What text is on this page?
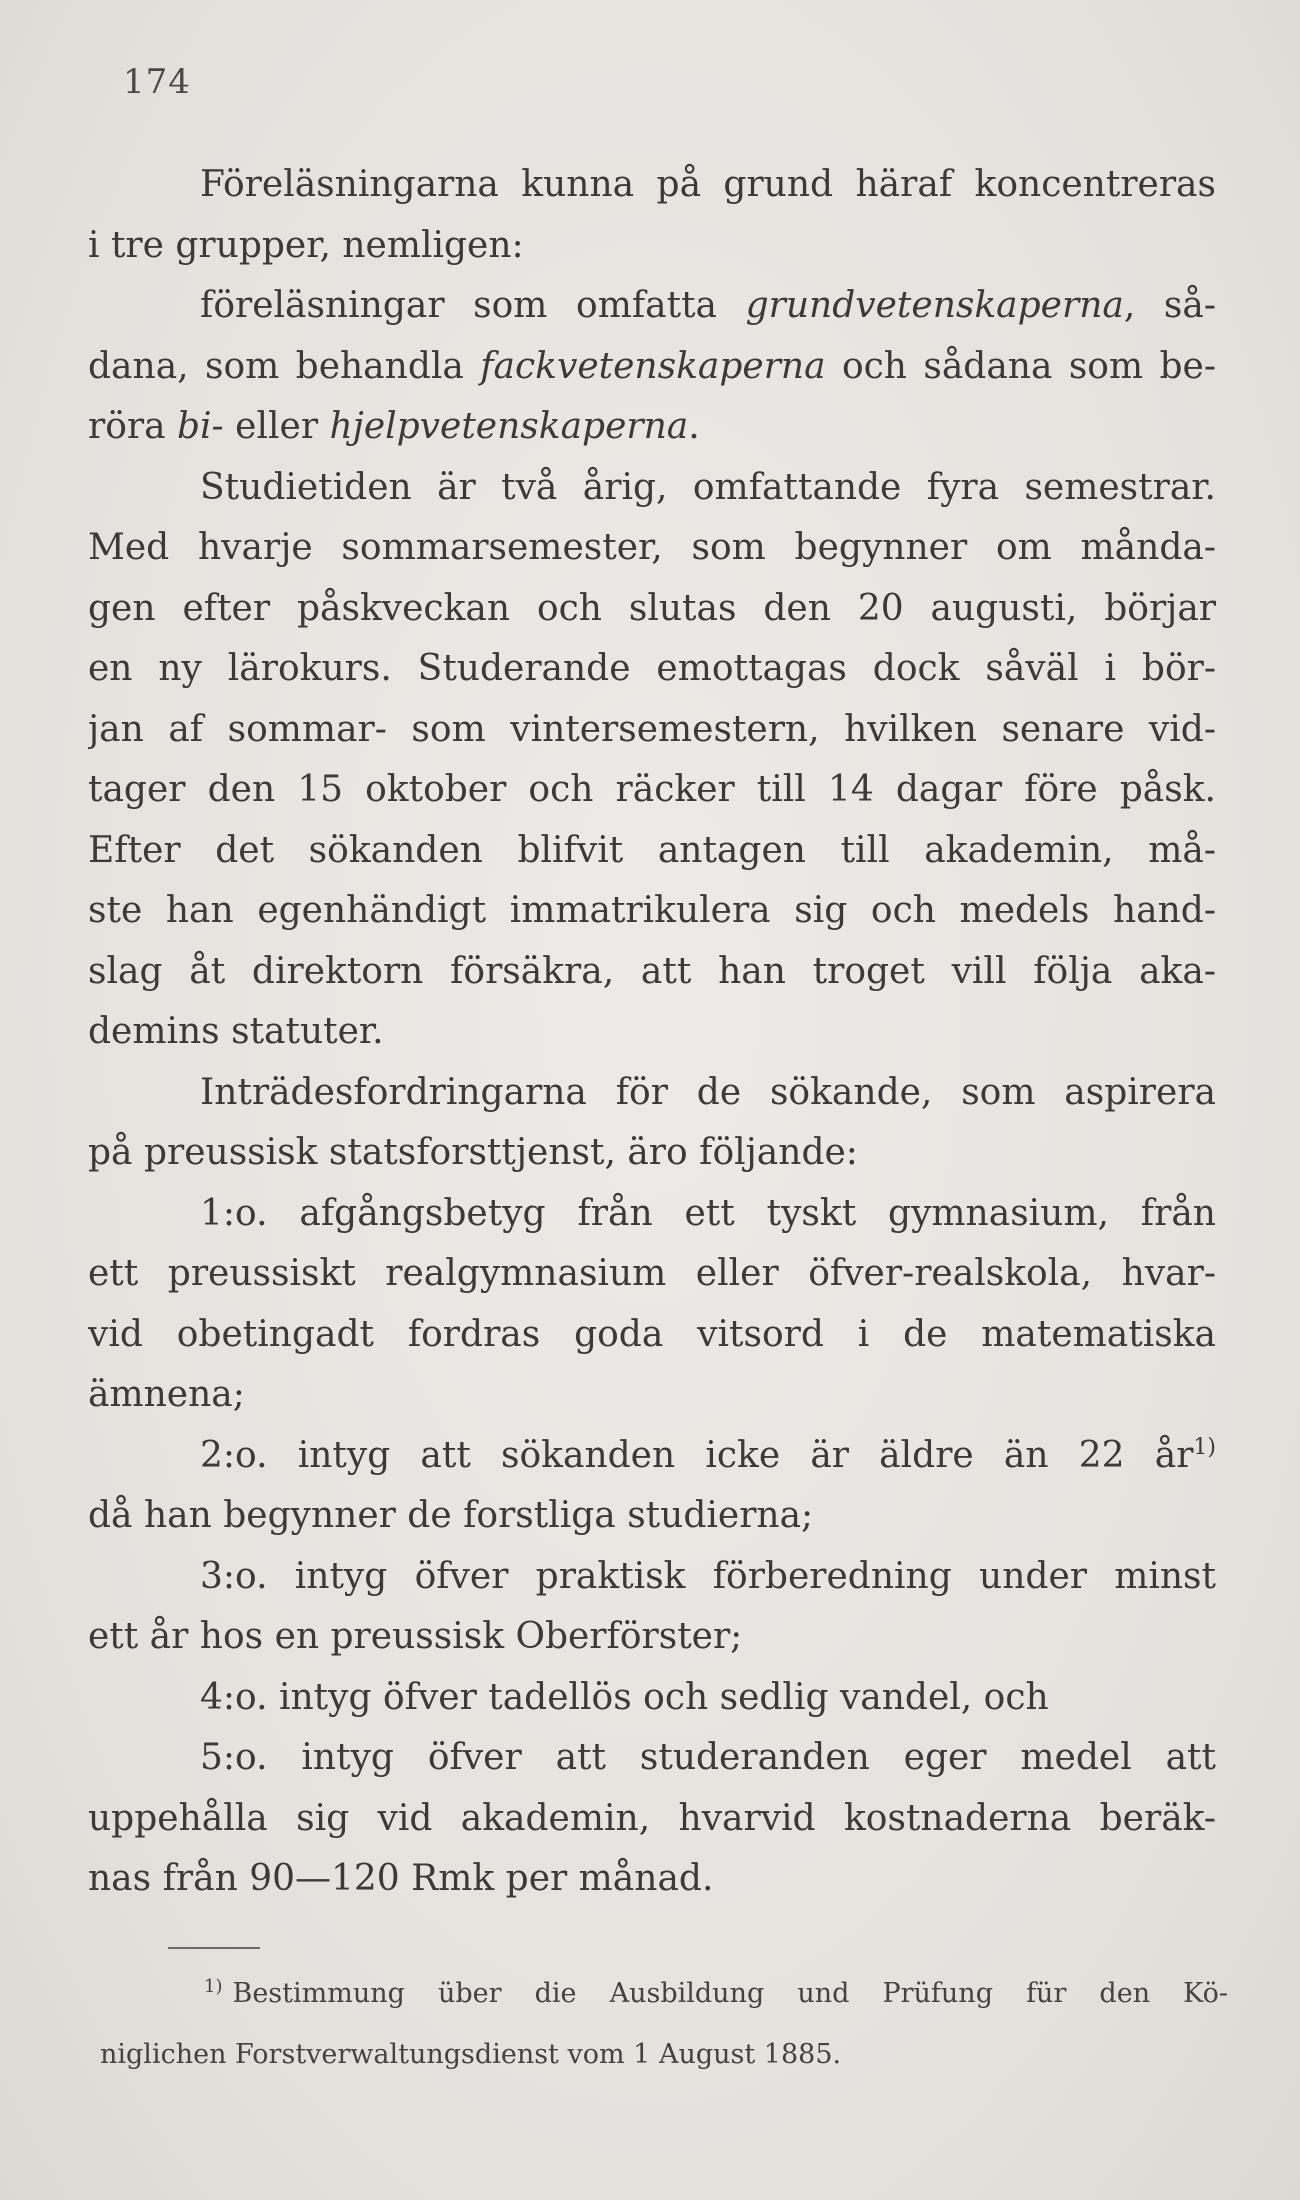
174
Föreläsningarna kunna på grund häraf koncentreras
i tre grupper, nemligen:
föreläsningar som omfatta grundvetenskaperna, så-
dana, som behandla fackvetenskaperna och sådana som be-
röra bi- eller hjelpvetenskaperna.
Studietiden är två årig, omfattande fyra semestrar.
Med hvarje sommarsemester, som begynner om månda-
gen efter påskveckan och slutas den 20 augusti, börjar
en ny lärokurs. Studerande emottagas dock såväl i bör-
jan af sommar- som vintersemestern, hvilken senare vid-
tager den 15 oktober och räcker till 14 dagar före påsk.
Efter det sökanden blifvit antagen till akademin, må-
ste han egenhändigt immatrikulera sig och medels hand-
slag åt direktorn försäkra, att han troget vill följa aka-
demins statuter.
Inträdesfordringarna för de sökande, som aspirera
på preussisk statsforsttjenst, äro följande:
1:o. afgångsbetyg från ett tyskt gymnasium, från
ett preussiskt realgymnasium eller öfver-realskola, hvar-
vid obetingadt fordras goda vitsord i de matematiska
ämnena;
2:o. intyg att sökanden icke är äldre än 22 $år^{1)}$
då han begynner de forstliga studierna;
3:o. intyg öfver praktisk förberedning under minst
ett år hos en preussisk Oberförster;
4:o. intyg öfver tadellös och sedlig vandel, och
5:o. intyg öfver att studeranden eger medel att
uppehålla sig vid akademin, hvarvid kostnaderna beräk-
nas från 90—120 Rmk per månad.
$^{1)}$ Bestimmung über die Ausbildung und Prüfung für den Kö-
niglichen Forstverwaltungsdienst vom 1 August 1885.
